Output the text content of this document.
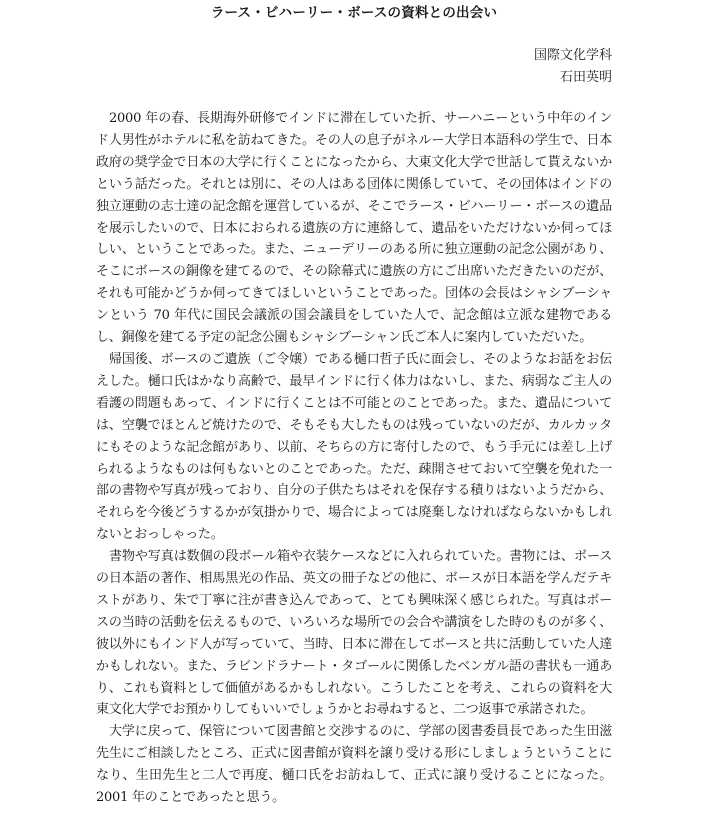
ラース・ビハーリー・ボースの資料との出会い
国際文化学科
石田英明

2000 年の春、長期海外研修でインドに滞在していた折、サーハニーという中年のインド人男性がホテルに私を訪ねてきた。その人の息子がネルー大学日本語科の学生で、日本政府の奨学金で日本の大学に行くことになったから、大東文化大学で世話して貰えないかという話だった。それとは別に、その人はある団体に関係していて、その団体はインドの独立運動の志士達の記念館を運営しているが、そこでラース・ビハーリー・ボースの遺品を展示したいので、日本におられる遺族の方に連絡して、遺品をいただけないか伺ってほしい、ということであった。また、ニューデリーのある所に独立運動の記念公園があり、そこにボースの銅像を建てるので、その除幕式に遺族の方にご出席いただきたいのだが、それも可能かどうか伺ってきてほしいということであった。団体の会長はシャシブーシャンという 70 年代に国民会議派の国会議員をしていた人で、記念館は立派な建物であるし、銅像を建てる予定の記念公園もシャシブーシャン氏ご本人に案内していただいた。

帰国後、ボースのご遺族（ご令嬢）である樋口哲子氏に面会し、そのようなお話をお伝えした。樋口氏はかなり高齢で、最早インドに行く体力はないし、また、病弱なご主人の看護の問題もあって、インドに行くことは不可能とのことであった。また、遺品については、空襲でほとんど焼けたので、そもそも大したものは残っていないのだが、カルカッタにもそのような記念館があり、以前、そちらの方に寄付したので、もう手元には差し上げられるようなものは何もないとのことであった。ただ、疎開させておいて空襲を免れた一部の書物や写真が残っており、自分の子供たちはそれを保存する積りはないようだから、それらを今後どうするかが気掛かりで、場合によっては廃棄しなければならないかもしれないとおっしゃった。

書物や写真は数個の段ボール箱や衣装ケースなどに入れられていた。書物には、ボースの日本語の著作、相馬黒光の作品、英文の冊子などの他に、ボースが日本語を学んだテキストがあり、朱で丁寧に注が書き込んであって、とても興味深く感じられた。写真はボースの当時の活動を伝えるもので、いろいろな場所での会合や講演をした時のものが多く、彼以外にもインド人が写っていて、当時、日本に滞在してボースと共に活動していた人達かもしれない。また、ラビンドラナート・タゴールに関係したベンガル語の書状も一通あり、これも資料として価値があるかもしれない。こうしたことを考え、これらの資料を大東文化大学でお預かりしてもいいでしょうかとお尋ねすると、二つ返事で承諾された。

大学に戻って、保管について図書館と交渉するのに、学部の図書委員長であった生田滋先生にご相談したところ、正式に図書館が資料を譲り受ける形にしましょうということになり、生田先生と二人で再度、樋口氏をお訪ねして、正式に譲り受けることになった。2001 年のことであったと思う。
